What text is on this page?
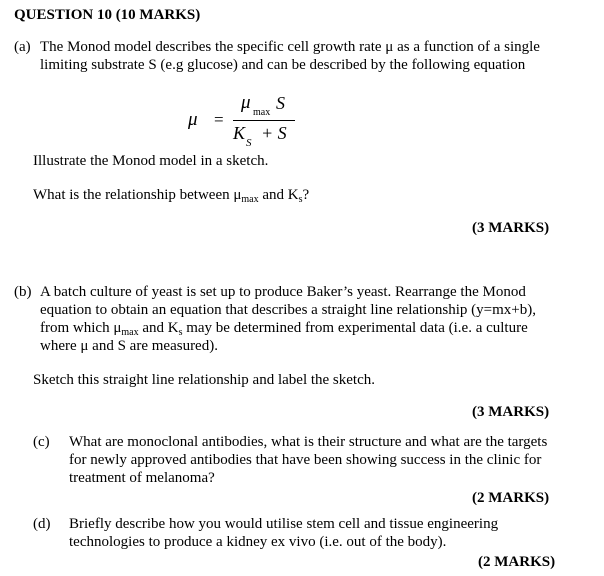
QUESTION 10 (10 MARKS)
(a) The Monod model describes the specific cell growth rate μ as a function of a single
limiting substrate S (e.g glucose) and can be described by the following equation
μ =
μ max S
K S + S
Illustrate the Monod model in a sketch.
What is the relationship between $\mu_{max}$ and $K_s$?
(3 MARKS)
(b) A batch culture of yeast is set up to produce Baker’s yeast. Rearrange the Monod
equation to obtain an equation that describes a straight line relationship (y=mx+b),
from which $\mu_{max}$ and $K_s$ may be determined from experimental data (i.e. a culture
where μ and S are measured).
Sketch this straight line relationship and label the sketch.
(3 MARKS)
(c) What are monoclonal antibodies, what is their structure and what are the targets
for newly approved antibodies that have been showing success in the clinic for
treatment of melanoma?
(2 MARKS)
(d) Briefly describe how you would utilise stem cell and tissue engineering
technologies to produce a kidney ex vivo (i.e. out of the body).
(2 MARKS)
